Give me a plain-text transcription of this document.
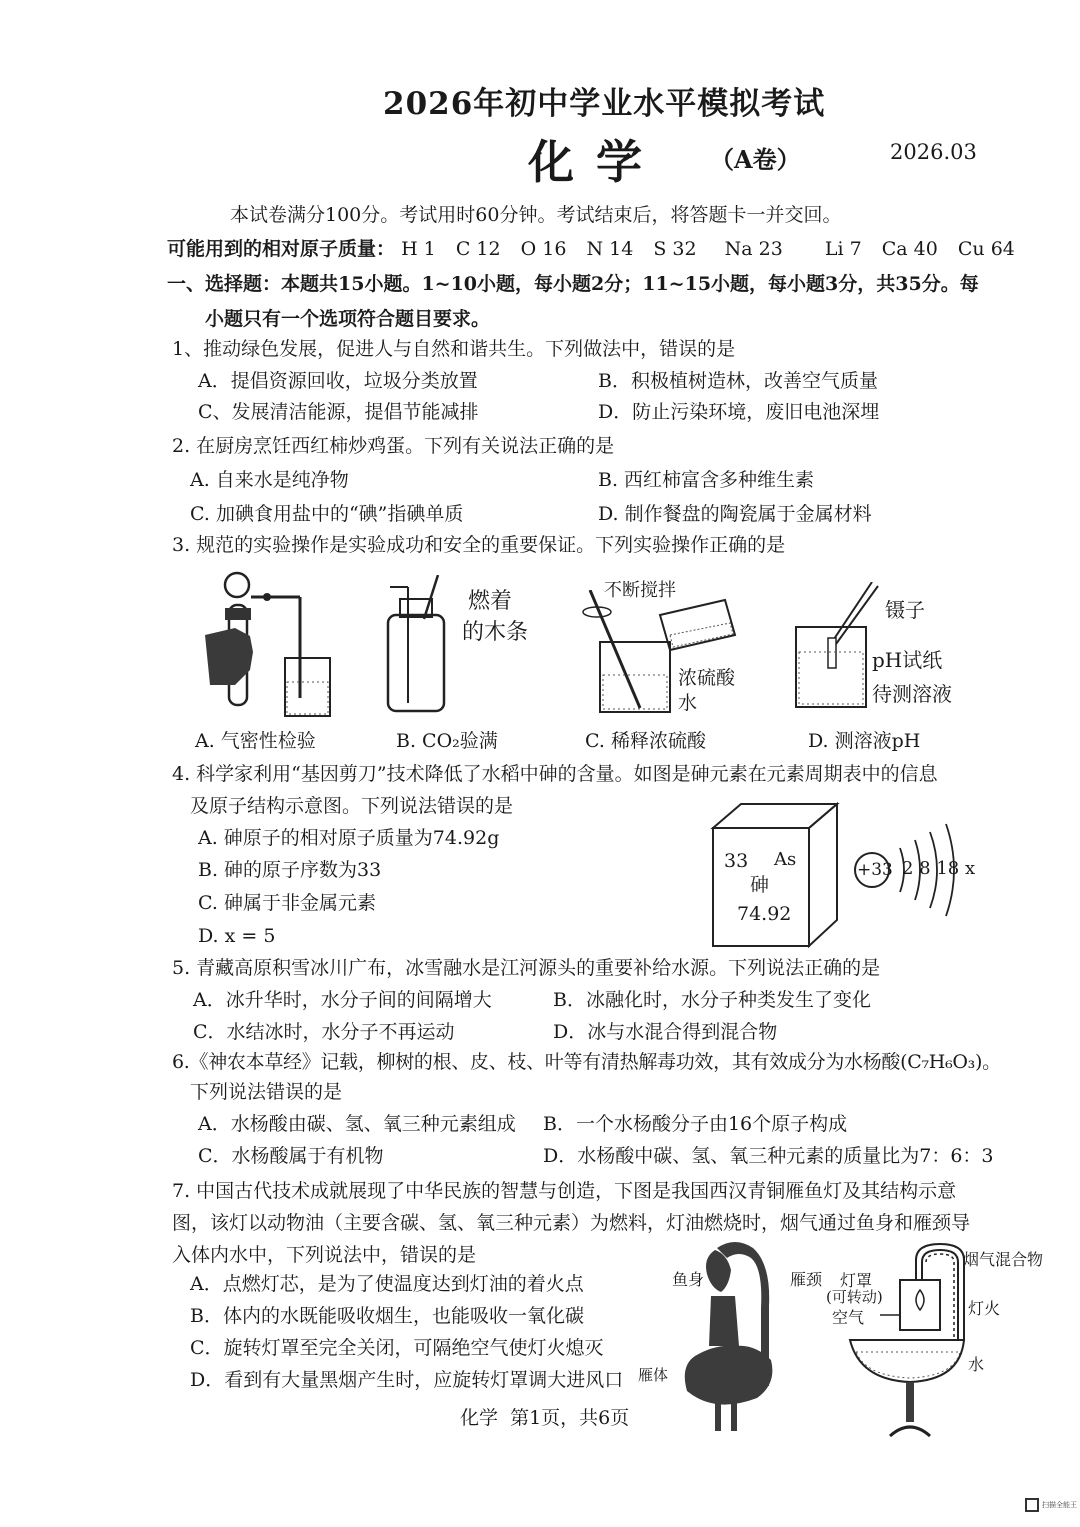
2026年初中学业水平模拟考试
化学 （A卷）	2026.03
本试卷满分100分。考试用时60分钟。考试结束后，将答题卡一并交回。
可能用到的相对原子质量： H 1 C 12 O 16 N 14 S 32 Na 23 Li 7 Ca 40 Cu 64
一、选择题：本题共15小题。1~10小题，每小题2分；11~15小题，每小题3分，共35分。每
小题只有一个选项符合题目要求。
1、推动绿色发展，促进人与自然和谐共生。下列做法中，错误的是
A．提倡资源回收，垃圾分类放置	B．积极植树造林，改善空气质量
C、发展清洁能源，提倡节能减排	D．防止污染环境，废旧电池深埋
2. 在厨房烹饪西红柿炒鸡蛋。下列有关说法正确的是
A. 自来水是纯净物	B. 西红柿富含多种维生素
C. 加碘食用盐中的“碘”指碘单质	D. 制作餐盘的陶瓷属于金属材料
3. 规范的实验操作是实验成功和安全的重要保证。下列实验操作正确的是
燃着
的木条
不断搅拌
浓硫酸
水
镊子
pH试纸
待测溶液
A. 气密性检验	B. CO₂验满	C. 稀释浓硫酸	D. 测溶液pH
4. 科学家利用“基因剪刀”技术降低了水稻中砷的含量。如图是砷元素在元素周期表中的信息
及原子结构示意图。下列说法错误的是
A. 砷原子的相对原子质量为74.92g
B. 砷的原子序数为33
C. 砷属于非金属元素
D. x = 5
33 As
砷
74.92
+33 2 8 18 x
5. 青藏高原积雪冰川广布，冰雪融水是江河源头的重要补给水源。下列说法正确的是
A．冰升华时，水分子间的间隔增大	B．冰融化时，水分子种类发生了变化
C．水结冰时，水分子不再运动	D．冰与水混合得到混合物
6.《神农本草经》记载，柳树的根、皮、枝、叶等有清热解毒功效，其有效成分为水杨酸(C₇H₆O₃)。
下列说法错误的是
A．水杨酸由碳、氢、氧三种元素组成 B．一个水杨酸分子由16个原子构成
C．水杨酸属于有机物	D．水杨酸中碳、氢、氧三种元素的质量比为7：6：3
7. 中国古代技术成就展现了中华民族的智慧与创造，下图是我国西汉青铜雁鱼灯及其结构示意图，该灯以动物油（主要含碳、氢、氧三种元素）为燃料，灯油燃烧时，烟气通过鱼身和雁颈导入体内水中，下列说法中，错误的是
A．点燃灯芯，是为了使温度达到灯油的着火点
B．体内的水既能吸收烟生，也能吸收一氧化碳
C．旋转灯罩至完全关闭，可隔绝空气使灯火熄灭
D．看到有大量黑烟产生时，应旋转灯罩调大进风口
鱼身	雁颈
雁体
烟气混合物
灯罩
(可转动)
空气	灯火
水
化学  第1页，共6页
扫描全能王
